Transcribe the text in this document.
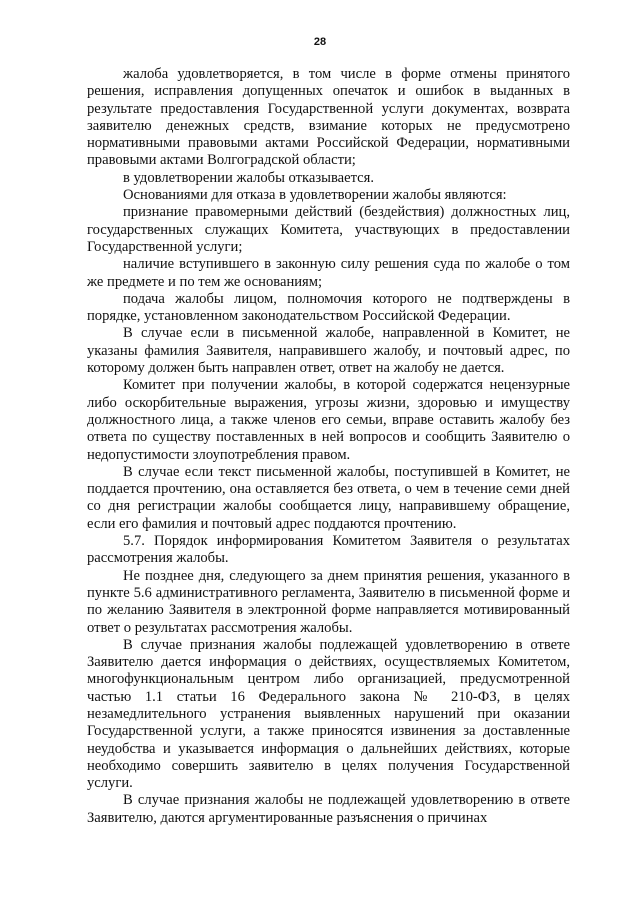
28

жалоба удовлетворяется, в том числе в форме отмены принятого решения, исправления допущенных опечаток и ошибок в выданных в результате предоставления Государственной услуги документах, возврата заявителю денежных средств, взимание которых не предусмотрено нормативными правовыми актами Российской Федерации, нормативными правовыми актами Волгоградской области;

в удовлетворении жалобы отказывается.

Основаниями для отказа в удовлетворении жалобы являются:

признание правомерными действий (бездействия) должностных лиц, государственных служащих Комитета, участвующих в предоставлении Государственной услуги;

наличие вступившего в законную силу решения суда по жалобе о том же предмете и по тем же основаниям;

подача жалобы лицом, полномочия которого не подтверждены в порядке, установленном законодательством Российской Федерации.

В случае если в письменной жалобе, направленной в Комитет, не указаны фамилия Заявителя, направившего жалобу, и почтовый адрес, по которому должен быть направлен ответ, ответ на жалобу не дается.

Комитет при получении жалобы, в которой содержатся нецензурные либо оскорбительные выражения, угрозы жизни, здоровью и имуществу должностного лица, а также членов его семьи, вправе оставить жалобу без ответа по существу поставленных в ней вопросов и сообщить Заявителю о недопустимости злоупотребления правом.

В случае если текст письменной жалобы, поступившей в Комитет, не поддается прочтению, она оставляется без ответа, о чем в течение семи дней со дня регистрации жалобы сообщается лицу, направившему обращение, если его фамилия и почтовый адрес поддаются прочтению.

5.7. Порядок информирования Комитетом Заявителя о результатах рассмотрения жалобы.

Не позднее дня, следующего за днем принятия решения, указанного в пункте 5.6 административного регламента, Заявителю в письменной форме и по желанию Заявителя в электронной форме направляется мотивированный ответ о результатах рассмотрения жалобы.

В случае признания жалобы подлежащей удовлетворению в ответе Заявителю дается информация о действиях, осуществляемых Комитетом, многофункциональным центром либо организацией, предусмотренной частью 1.1 статьи 16 Федерального закона № 210-ФЗ, в целях незамедлительного устранения выявленных нарушений при оказании Государственной услуги, а также приносятся извинения за доставленные неудобства и указывается информация о дальнейших действиях, которые необходимо совершить заявителю в целях получения Государственной услуги.

В случае признания жалобы не подлежащей удовлетворению в ответе Заявителю, даются аргументированные разъяснения о причинах
